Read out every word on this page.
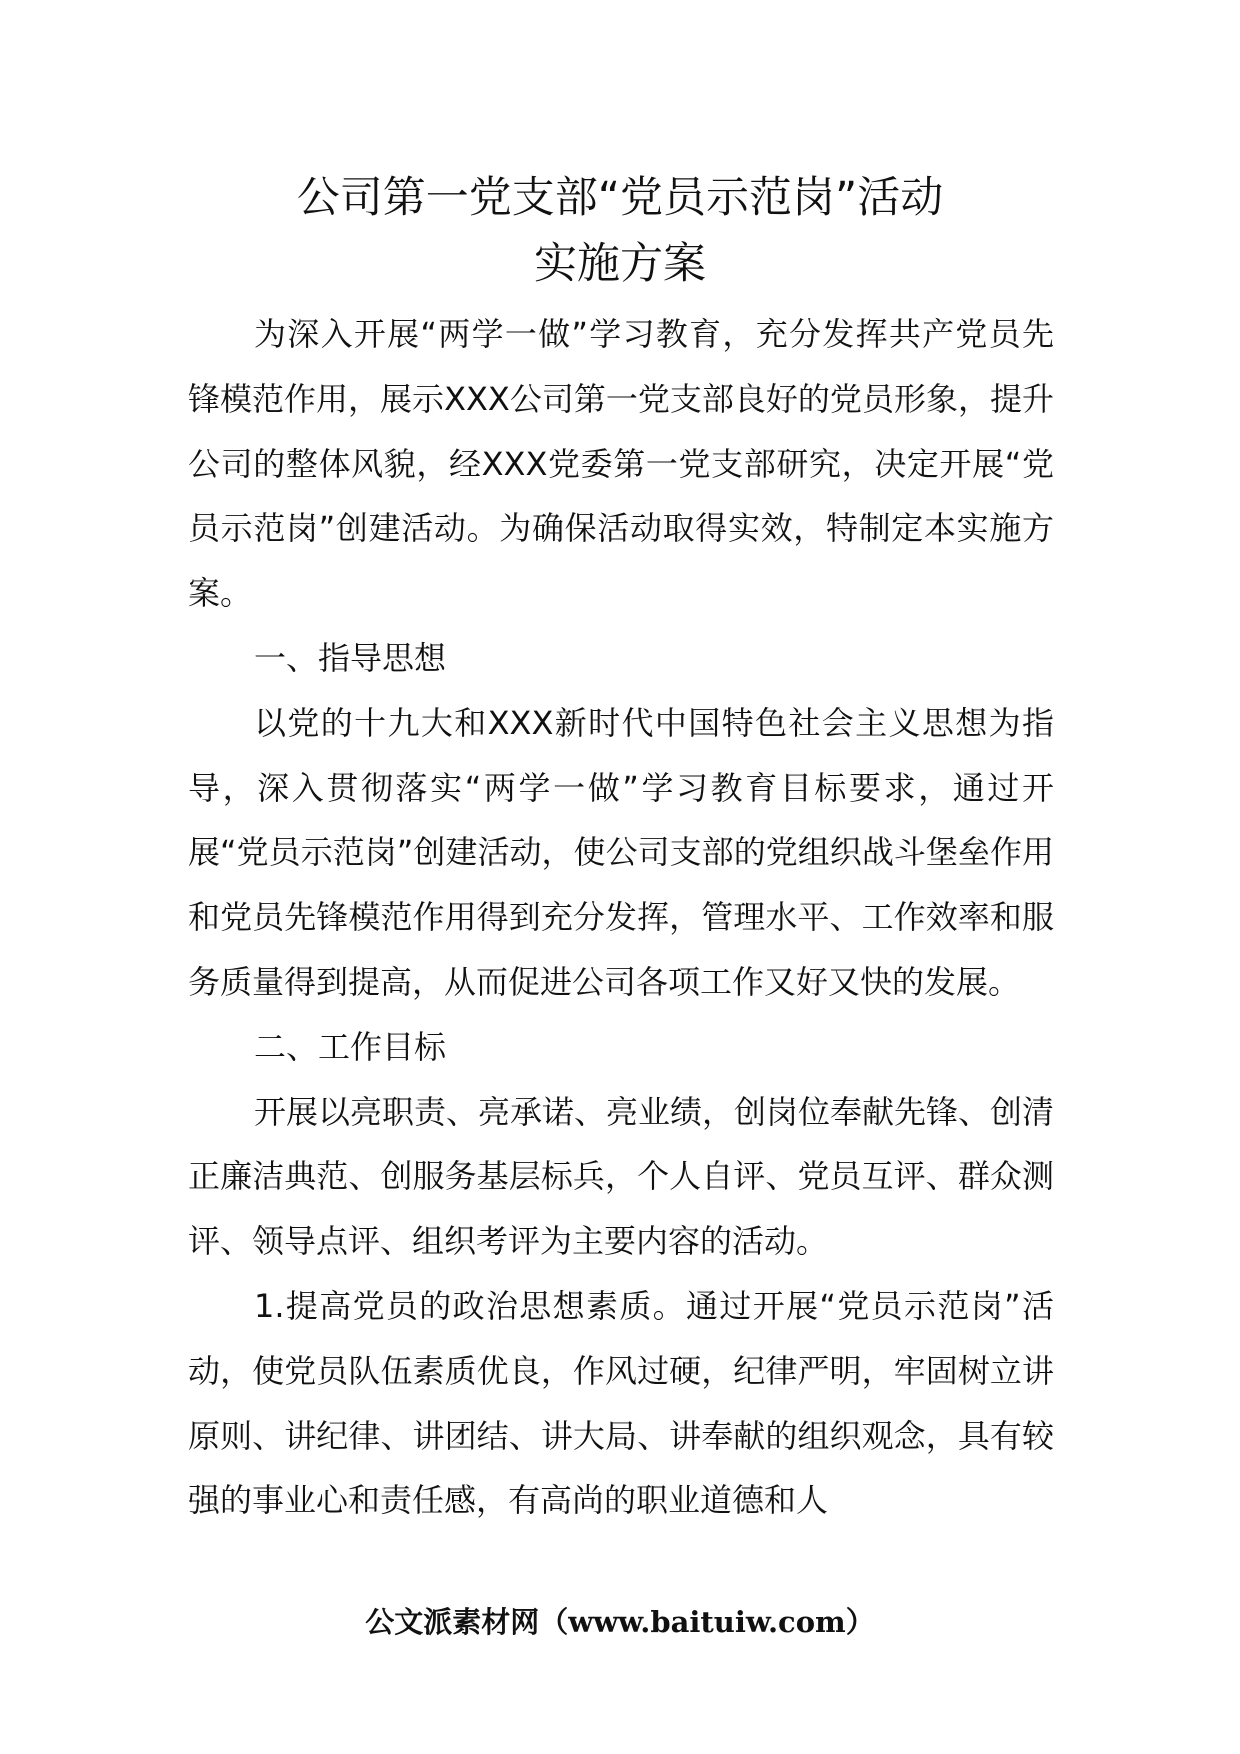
公司第一党支部“党员示范岗”活动
实施方案

为深入开展“两学一做”学习教育，充分发挥共产党员先锋模范作用，展示XXX公司第一党支部良好的党员形象，提升公司的整体风貌，经XXX党委第一党支部研究，决定开展“党员示范岗”创建活动。为确保活动取得实效，特制定本实施方案。

一、指导思想

以党的十九大和XXX新时代中国特色社会主义思想为指导，深入贯彻落实“两学一做”学习教育目标要求，通过开展“党员示范岗”创建活动，使公司支部的党组织战斗堡垒作用和党员先锋模范作用得到充分发挥，管理水平、工作效率和服务质量得到提高，从而促进公司各项工作又好又快的发展。

二、工作目标

开展以亮职责、亮承诺、亮业绩，创岗位奉献先锋、创清正廉洁典范、创服务基层标兵，个人自评、党员互评、群众测评、领导点评、组织考评为主要内容的活动。

1.提高党员的政治思想素质。通过开展“党员示范岗”活动，使党员队伍素质优良，作风过硬，纪律严明，牢固树立讲原则、讲纪律、讲团结、讲大局、讲奉献的组织观念，具有较强的事业心和责任感，有高尚的职业道德和人

公文派素材网（www.baituiw.com）
